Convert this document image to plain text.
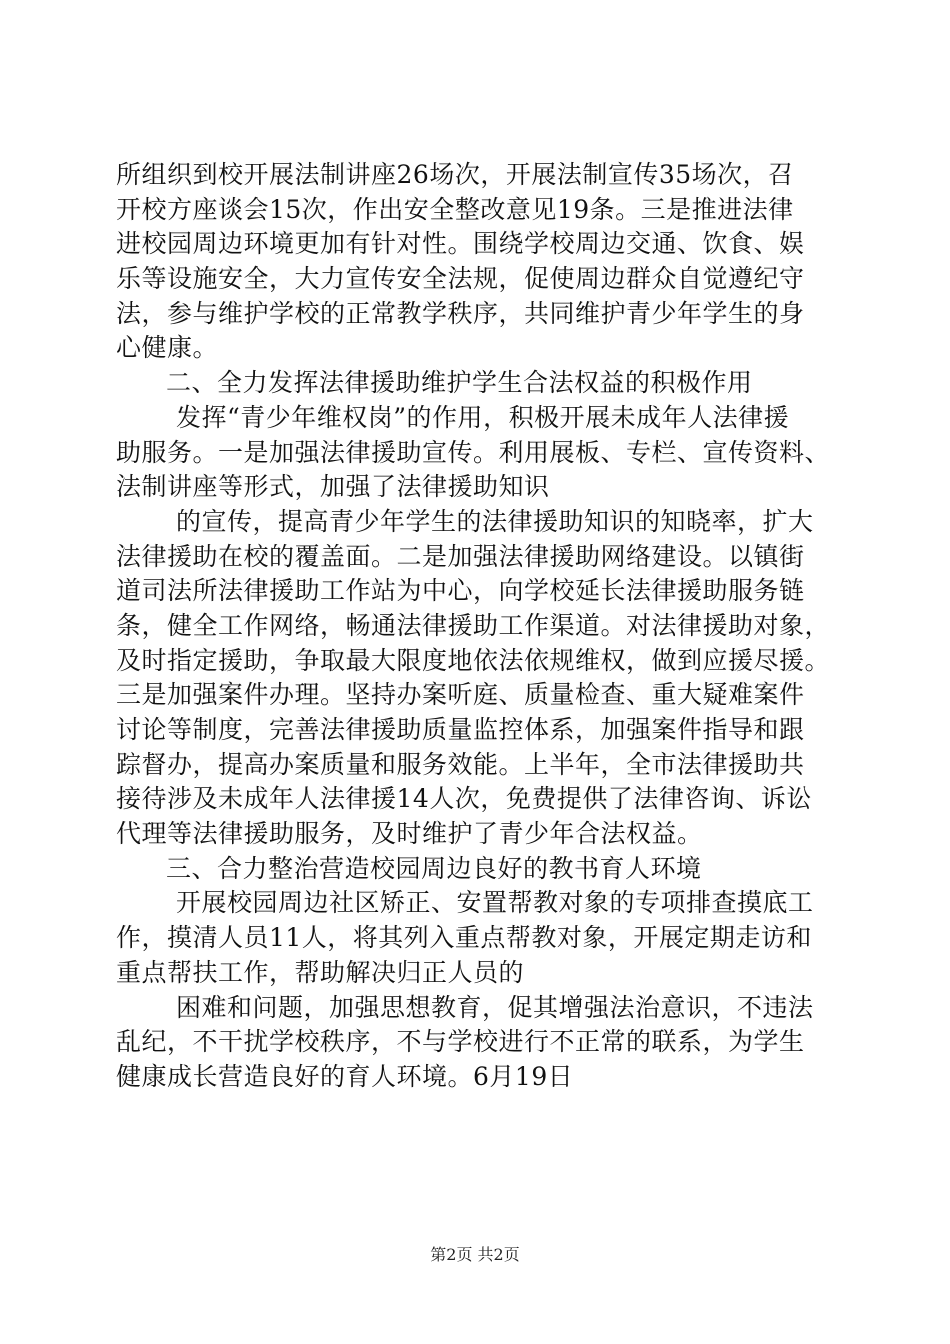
所组织到校开展法制讲座26场次，开展法制宣传35场次，召
开校方座谈会15次，作出安全整改意见19条。三是推进法律
进校园周边环境更加有针对性。围绕学校周边交通、饮食、娱
乐等设施安全，大力宣传安全法规，促使周边群众自觉遵纪守
法，参与维护学校的正常教学秩序，共同维护青少年学生的身
心健康。
二、全力发挥法律援助维护学生合法权益的积极作用
发挥“青少年维权岗”的作用，积极开展未成年人法律援
助服务。一是加强法律援助宣传。利用展板、专栏、宣传资料、
法制讲座等形式，加强了法律援助知识
的宣传，提高青少年学生的法律援助知识的知晓率，扩大
法律援助在校的覆盖面。二是加强法律援助网络建设。以镇街
道司法所法律援助工作站为中心，向学校延长法律援助服务链
条，健全工作网络，畅通法律援助工作渠道。对法律援助对象，
及时指定援助，争取最大限度地依法依规维权，做到应援尽援。
三是加强案件办理。坚持办案听庭、质量检查、重大疑难案件
讨论等制度，完善法律援助质量监控体系，加强案件指导和跟
踪督办，提高办案质量和服务效能。上半年，全市法律援助共
接待涉及未成年人法律援14人次，免费提供了法律咨询、诉讼
代理等法律援助服务，及时维护了青少年合法权益。
三、合力整治营造校园周边良好的教书育人环境
开展校园周边社区矫正、安置帮教对象的专项排查摸底工
作，摸清人员11人，将其列入重点帮教对象，开展定期走访和
重点帮扶工作，帮助解决归正人员的
困难和问题，加强思想教育，促其增强法治意识，不违法
乱纪，不干扰学校秩序，不与学校进行不正常的联系，为学生
健康成长营造良好的育人环境。6月19日
第2页 共2页
